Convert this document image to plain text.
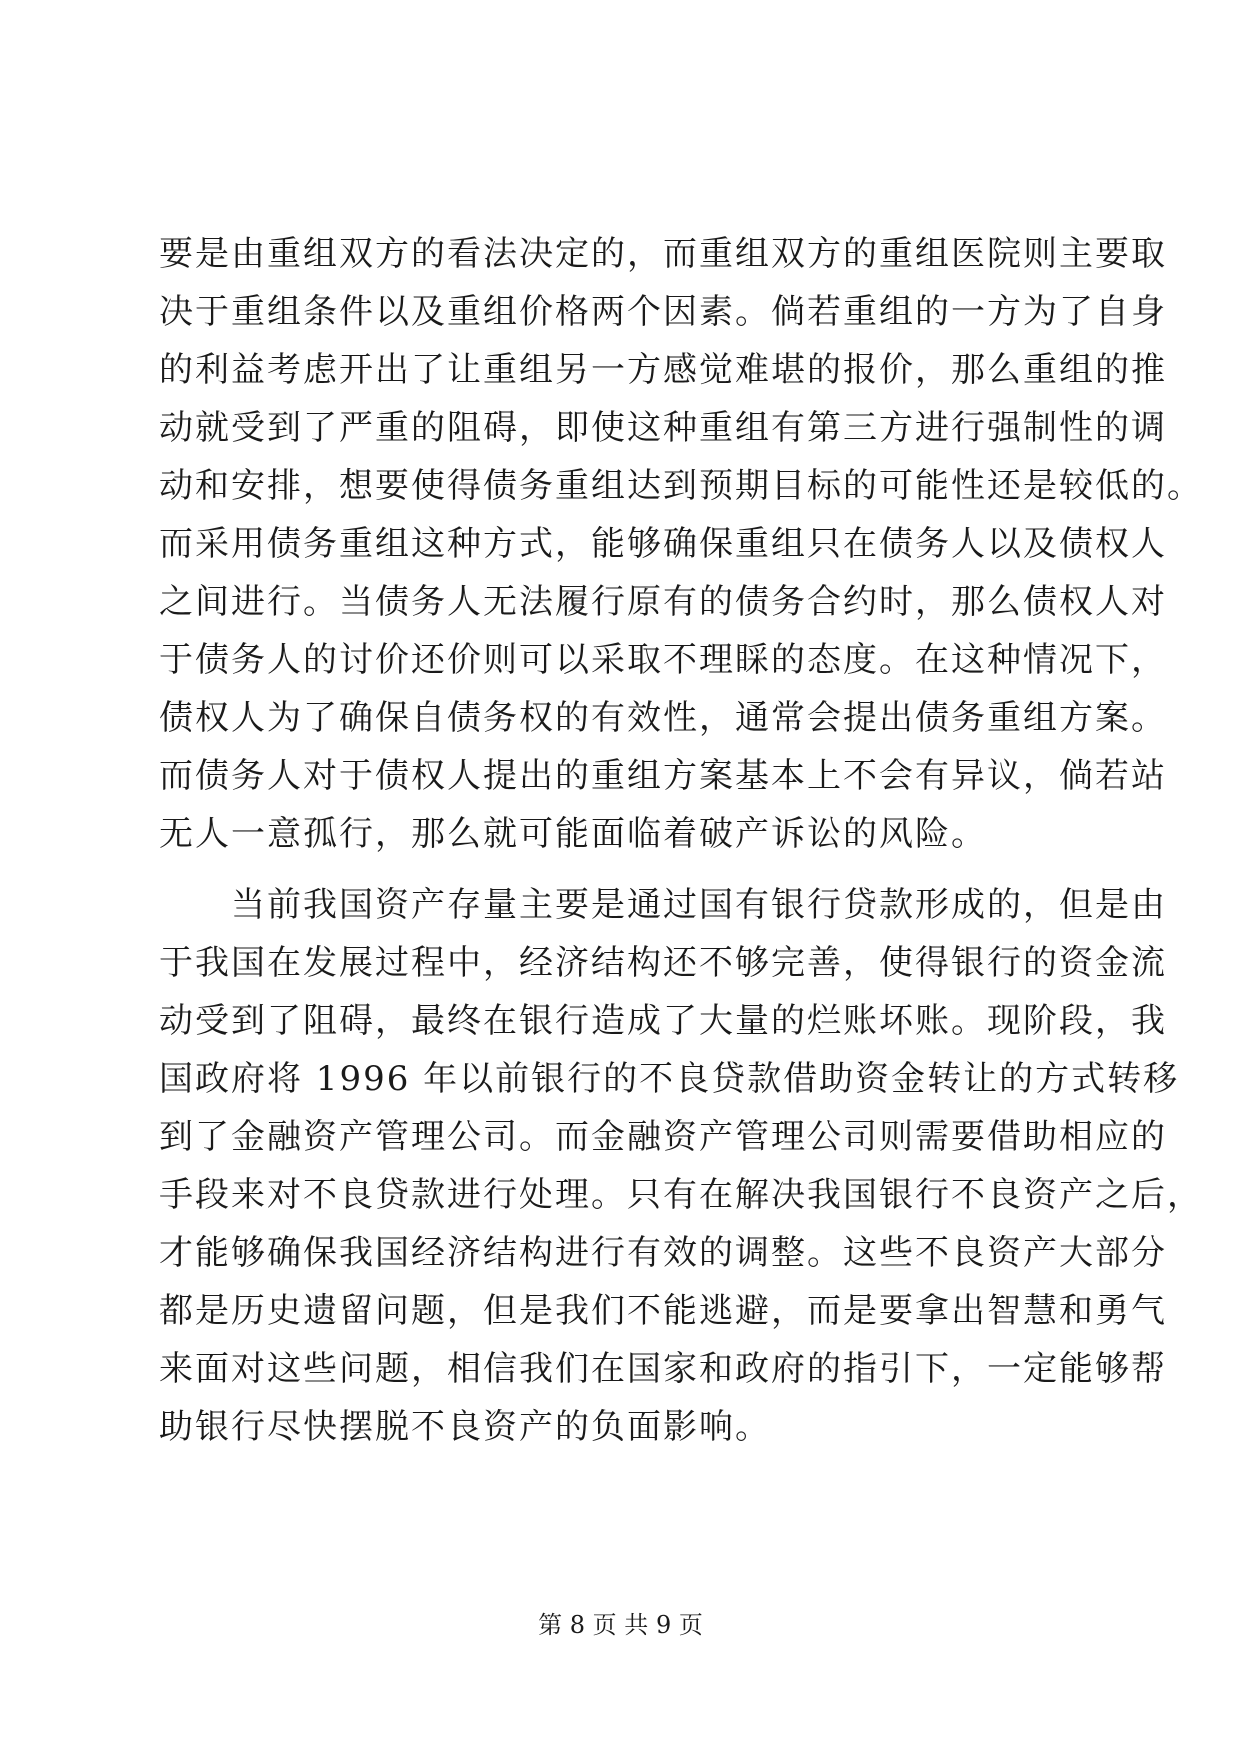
要是由重组双方的看法决定的，而重组双方的重组医院则主要取
决于重组条件以及重组价格两个因素。倘若重组的一方为了自身
的利益考虑开出了让重组另一方感觉难堪的报价，那么重组的推
动就受到了严重的阻碍，即使这种重组有第三方进行强制性的调
动和安排，想要使得债务重组达到预期目标的可能性还是较低的。
而采用债务重组这种方式，能够确保重组只在债务人以及债权人
之间进行。当债务人无法履行原有的债务合约时，那么债权人对
于债务人的讨价还价则可以采取不理睬的态度。在这种情况下，
债权人为了确保自债务权的有效性，通常会提出债务重组方案。
而债务人对于债权人提出的重组方案基本上不会有异议，倘若站
无人一意孤行，那么就可能面临着破产诉讼的风险。
当前我国资产存量主要是通过国有银行贷款形成的，但是由
于我国在发展过程中，经济结构还不够完善，使得银行的资金流
动受到了阻碍，最终在银行造成了大量的烂账坏账。现阶段，我
国政府将 1996 年以前银行的不良贷款借助资金转让的方式转移
到了金融资产管理公司。而金融资产管理公司则需要借助相应的
手段来对不良贷款进行处理。只有在解决我国银行不良资产之后，
才能够确保我国经济结构进行有效的调整。这些不良资产大部分
都是历史遗留问题，但是我们不能逃避，而是要拿出智慧和勇气
来面对这些问题，相信我们在国家和政府的指引下，一定能够帮
助银行尽快摆脱不良资产的负面影响。
第 8 页 共 9 页
